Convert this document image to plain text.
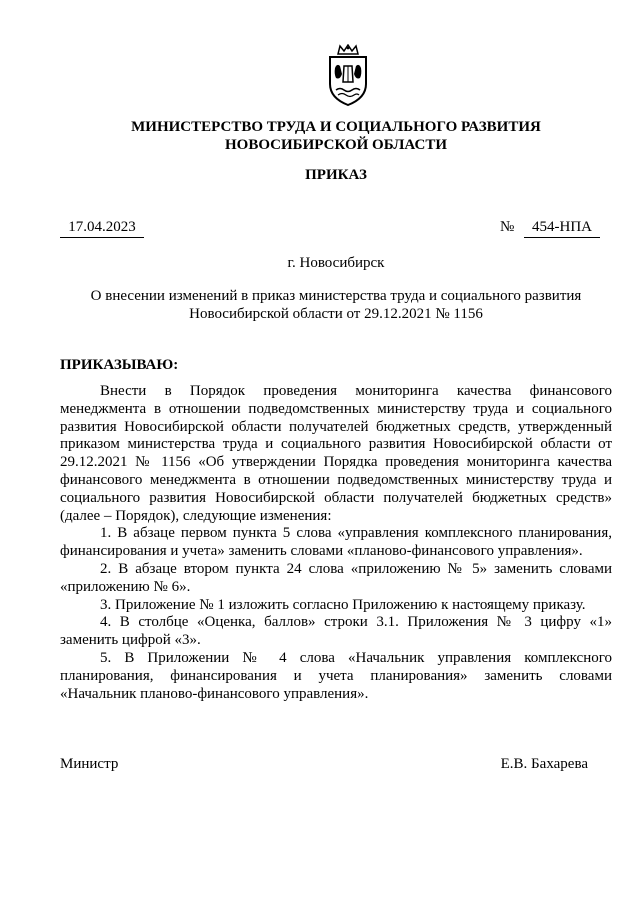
МИНИСТЕРСТВО ТРУДА И СОЦИАЛЬНОГО РАЗВИТИЯ
НОВОСИБИРСКОЙ ОБЛАСТИ
ПРИКАЗ
17.04.2023	№	454-НПА
г. Новосибирск
О внесении изменений в приказ министерства труда и социального развития
Новосибирской области от 29.12.2021 № 1156
ПРИКАЗЫВАЮ:

Внести в Порядок проведения мониторинга качества финансового менеджмента в отношении подведомственных министерству труда и социального развития Новосибирской области получателей бюджетных средств, утвержденный приказом министерства труда и социального развития Новосибирской области от 29.12.2021 № 1156 «Об утверждении Порядка проведения мониторинга качества финансового менеджмента в отношении подведомственных министерству труда и социального развития Новосибирской области получателей бюджетных средств» (далее – Порядок), следующие изменения:

1. В абзаце первом пункта 5 слова «управления комплексного планирования, финансирования и учета» заменить словами «планово-финансового управления».

2. В абзаце втором пункта 24 слова «приложению № 5» заменить словами «приложению № 6».

3. Приложение № 1 изложить согласно Приложению к настоящему приказу.

4. В столбце «Оценка, баллов» строки 3.1. Приложения № 3 цифру «1» заменить цифрой «3».

5. В Приложении № 4 слова «Начальник управления комплексного планирования, финансирования и учета планирования» заменить словами «Начальник планово-финансового управления».

Министр	Е.В. Бахарева
